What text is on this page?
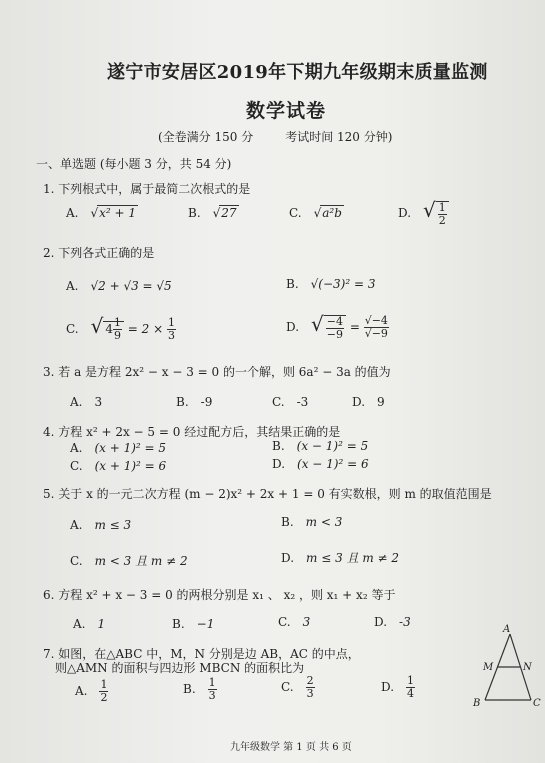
遂宁市安居区2019年下期九年级期末质量监测
数学试卷
(全卷满分 150 分	考试时间 120 分钟)
一、单选题 (每小题 3 分，共 54 分)
1. 下列根式中，属于最简二次根式的是
A. √x² + 1	B. √27	C. √a²b	D. √ $\frac{1}{2}$
2. 下列各式正确的是
A. √2 + √3 = √5	B. √(−3)² = 3
C. √ $4 \frac{1}{9} = 2 \times \frac{1}{3}$	D. √ $\frac{-4}{-9} = \frac{√-4}{√-9}$
3. 若 a 是方程 2x² − x − 3 = 0 的一个解，则 6a² − 3a 的值为
A. 3	B. -9	C. -3	D. 9
4. 方程 x² + 2x − 5 = 0 经过配方后，其结果正确的是
A. (x + 1)² = 5	B. (x − 1)² = 5
C. (x + 1)² = 6	D. (x − 1)² = 6
5. 关于 x 的一元二次方程 (m − 2)x² + 2x + 1 = 0 有实数根，则 m 的取值范围是
A. m ≤ 3	B. m < 3
C. m < 3 且 m ≠ 2	D. m ≤ 3 且 m ≠ 2
6. 方程 x² + x − 3 = 0 的两根分别是 x₁ 、 x₂ ，则 x₁ + x₂ 等于
A. 1	B. −1	C. 3	D. -3
7. 如图，在△ABC 中，M，N 分别是边 AB，AC 的中点，
则△AMN 的面积与四边形 MBCN 的面积比为
A. $\frac{1}{2}$	B. $\frac{1}{3}$	C. $\frac{2}{3}$	D. $\frac{1}{4}$
A
M	N
B	C
九年级数学 第 1 页 共 6 页
